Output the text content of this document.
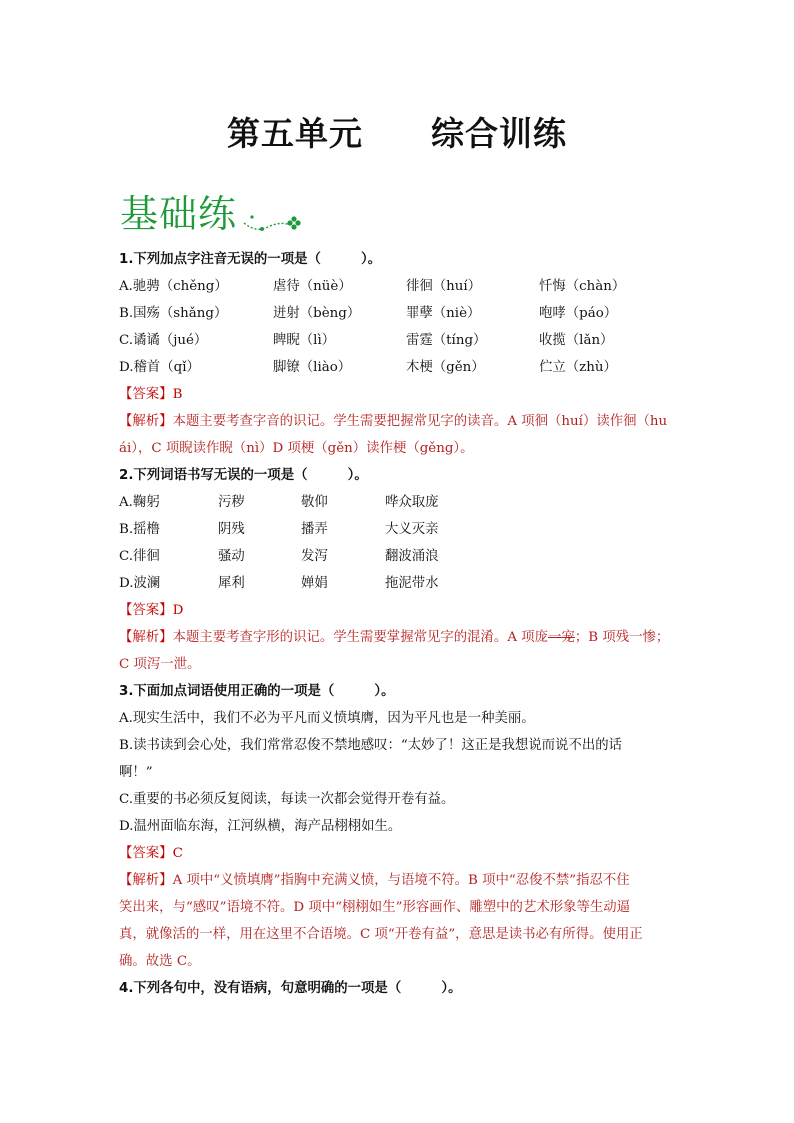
第五单元　　综合训练
基础练
1.下列加点字注音无误的一项是（　　　）。
A.驰骋（chěng）	虐待（nüè）	徘徊（huí）	忏悔（chàn）
B.国殇（shǎng）	迸射（bèng）	罪孽（niè）	咆哮（páo）
C.谲谲（jué）	睥睨（lì）	雷霆（tíng）	收揽（lǎn）
D.稽首（qǐ）	脚镣（liào）	木梗（gěn）	伫立（zhù）
【答案】B
【解析】本题主要考查字音的识记。学生需要把握常见字的读音。A 项徊（huí）读作徊（hu
ái），C 项睨读作睨（nì）D 项梗（gěn）读作梗（gěng）。
2.下列词语书写无误的一项是（　　　）。
A.鞠躬	污秽	敬仰	哗众取庞
B.摇橹	阴残	播弄	大义灭亲
C.徘徊	骚动	发泻	翻波涌浪
D.波澜	犀利	婵娟	拖泥带水
【答案】D
【解析】本题主要考查字形的识记。学生需要掌握常见字的混淆。A 项庞一宠；B 项残一惨；
C 项泻一泄。
3.下面加点词语使用正确的一项是（　　　）。
A.现实生活中，我们不必为平凡而义愤填膺，因为平凡也是一种美丽。
B.读书读到会心处，我们常常忍俊不禁地感叹：“太妙了！这正是我想说而说不出的话
啊！”
C.重要的书必须反复阅读，每读一次都会觉得开卷有益。
D.温州面临东海，江河纵横，海产品栩栩如生。
【答案】C
【解析】A 项中“义愤填膺”指胸中充满义愤，与语境不符。B 项中“忍俊不禁”指忍不住
笑出来，与“感叹”语境不符。D 项中“栩栩如生”形容画作、雕塑中的艺术形象等生动逼
真，就像活的一样，用在这里不合语境。C 项“开卷有益”，意思是读书必有所得。使用正
确。故选 C。
4.下列各句中，没有语病，句意明确的一项是（　　　）。
